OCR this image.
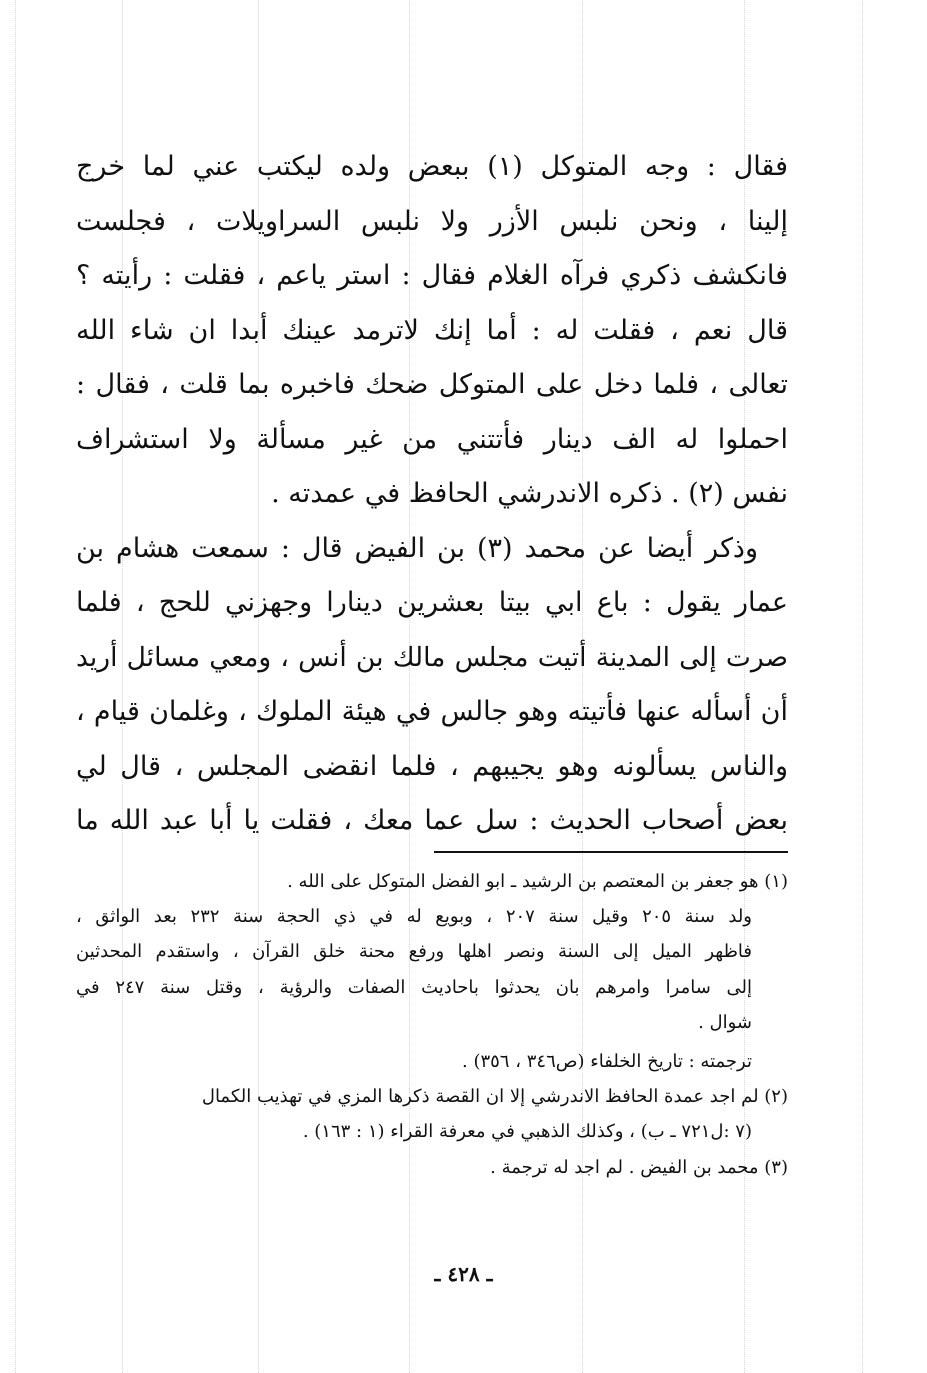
فقال : وجه المتوكل (١) ببعض ولده ليكتب عني لما خرج
إلينا ، ونحن نلبس الأزر ولا نلبس السراويلات ، فجلست
فانكشف ذكري فرآه الغلام فقال : استر ياعم ، فقلت : رأيته ؟
قال نعم ، فقلت له : أما إنك لاترمد عينك أبدا ان شاء الله
تعالى ، فلما دخل على المتوكل ضحك فاخبره بما قلت ، فقال :
احملوا له الف دينار فأتتني من غير مسألة ولا استشراف
نفس (٢) . ذكره الاندرشي الحافظ في عمدته .
وذكر أيضا عن محمد (٣) بن الفيض قال : سمعت هشام بن
عمار يقول : باع ابي بيتا بعشرين دينارا وجهزني للحج ، فلما
صرت إلى المدينة أتيت مجلس مالك بن أنس ، ومعي مسائل أريد
أن أسأله عنها فأتيته وهو جالس في هيئة الملوك ، وغلمان قيام ،
والناس يسألونه وهو يجيبهم ، فلما انقضى المجلس ، قال لي
بعض أصحاب الحديث : سل عما معك ، فقلت يا أبا عبد الله ما
(١) هو جعفر بن المعتصم بن الرشيد ـ ابو الفضل المتوكل على الله .
ولد سنة ٢٠٥ وقيل سنة ٢٠٧ ، وبويع له في ذي الحجة سنة ٢٣٢ بعد الواثق ،
فاظهر الميل إلى السنة ونصر اهلها ورفع محنة خلق القرآن ، واستقدم المحدثين
إلى سامرا وامرهم بان يحدثوا باحاديث الصفات والرؤية ، وقتل سنة ٢٤٧ في
شوال .
ترجمته : تاريخ الخلفاء (ص٣٤٦ ، ٣٥٦) .
(٢) لم اجد عمدة الحافظ الاندرشي إلا ان القصة ذكرها المزي في تهذيب الكمال
(٧ :ل٧٢١ ـ ب) ، وكذلك الذهبي في معرفة القراء (١ : ١٦٣) .
(٣) محمد بن الفيض . لم اجد له ترجمة .
ـ ٤٢٨ ـ
